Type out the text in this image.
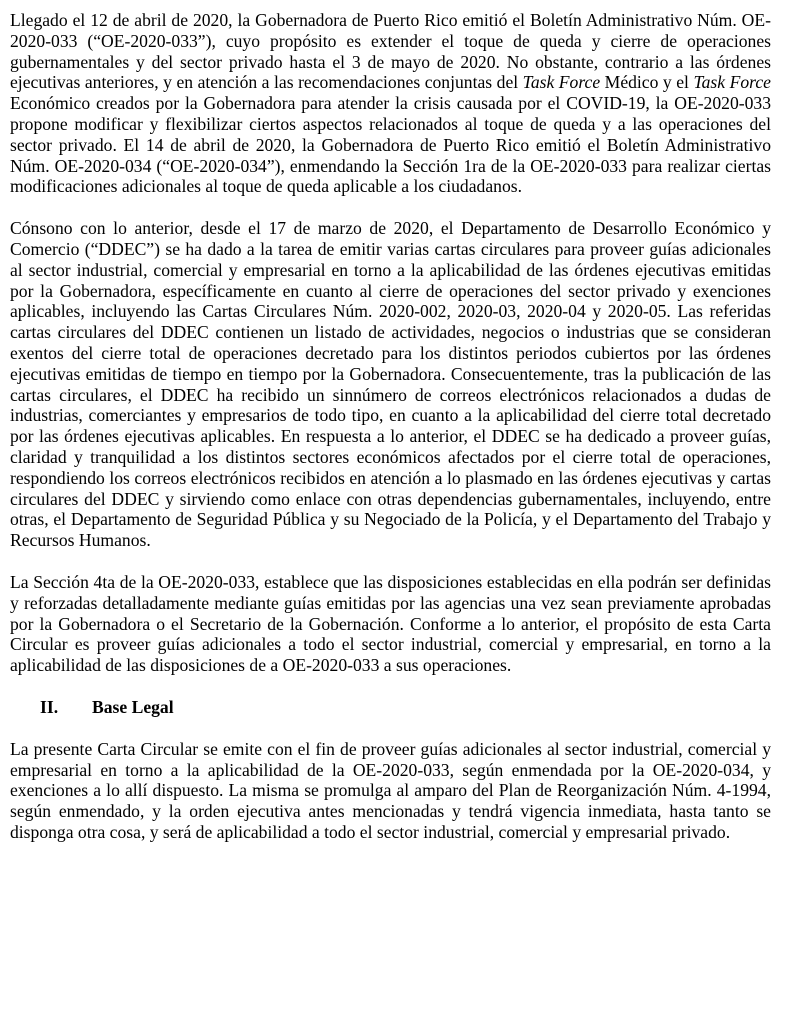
Llegado el 12 de abril de 2020, la Gobernadora de Puerto Rico emitió el Boletín Administrativo Núm. OE-2020-033 (“OE-2020-033”), cuyo propósito es extender el toque de queda y cierre de operaciones gubernamentales y del sector privado hasta el 3 de mayo de 2020. No obstante, contrario a las órdenes ejecutivas anteriores, y en atención a las recomendaciones conjuntas del Task Force Médico y el Task Force Económico creados por la Gobernadora para atender la crisis causada por el COVID-19, la OE-2020-033 propone modificar y flexibilizar ciertos aspectos relacionados al toque de queda y a las operaciones del sector privado. El 14 de abril de 2020, la Gobernadora de Puerto Rico emitió el Boletín Administrativo Núm. OE-2020-034 (“OE-2020-034”), enmendando la Sección 1ra de la OE-2020-033 para realizar ciertas modificaciones adicionales al toque de queda aplicable a los ciudadanos.

Cónsono con lo anterior, desde el 17 de marzo de 2020, el Departamento de Desarrollo Económico y Comercio (“DDEC”) se ha dado a la tarea de emitir varias cartas circulares para proveer guías adicionales al sector industrial, comercial y empresarial en torno a la aplicabilidad de las órdenes ejecutivas emitidas por la Gobernadora, específicamente en cuanto al cierre de operaciones del sector privado y exenciones aplicables, incluyendo las Cartas Circulares Núm. 2020-002, 2020-03, 2020-04 y 2020-05. Las referidas cartas circulares del DDEC contienen un listado de actividades, negocios o industrias que se consideran exentos del cierre total de operaciones decretado para los distintos periodos cubiertos por las órdenes ejecutivas emitidas de tiempo en tiempo por la Gobernadora. Consecuentemente, tras la publicación de las cartas circulares, el DDEC ha recibido un sinnúmero de correos electrónicos relacionados a dudas de industrias, comerciantes y empresarios de todo tipo, en cuanto a la aplicabilidad del cierre total decretado por las órdenes ejecutivas aplicables. En respuesta a lo anterior, el DDEC se ha dedicado a proveer guías, claridad y tranquilidad a los distintos sectores económicos afectados por el cierre total de operaciones, respondiendo los correos electrónicos recibidos en atención a lo plasmado en las órdenes ejecutivas y cartas circulares del DDEC y sirviendo como enlace con otras dependencias gubernamentales, incluyendo, entre otras, el Departamento de Seguridad Pública y su Negociado de la Policía, y el Departamento del Trabajo y Recursos Humanos.

La Sección 4ta de la OE-2020-033, establece que las disposiciones establecidas en ella podrán ser definidas y reforzadas detalladamente mediante guías emitidas por las agencias una vez sean previamente aprobadas por la Gobernadora o el Secretario de la Gobernación. Conforme a lo anterior, el propósito de esta Carta Circular es proveer guías adicionales a todo el sector industrial, comercial y empresarial, en torno a la aplicabilidad de las disposiciones de a OE-2020-033 a sus operaciones.

II.	Base Legal

La presente Carta Circular se emite con el fin de proveer guías adicionales al sector industrial, comercial y empresarial en torno a la aplicabilidad de la OE-2020-033, según enmendada por la OE-2020-034, y exenciones a lo allí dispuesto. La misma se promulga al amparo del Plan de Reorganización Núm. 4-1994, según enmendado, y la orden ejecutiva antes mencionadas y tendrá vigencia inmediata, hasta tanto se disponga otra cosa, y será de aplicabilidad a todo el sector industrial, comercial y empresarial privado.
